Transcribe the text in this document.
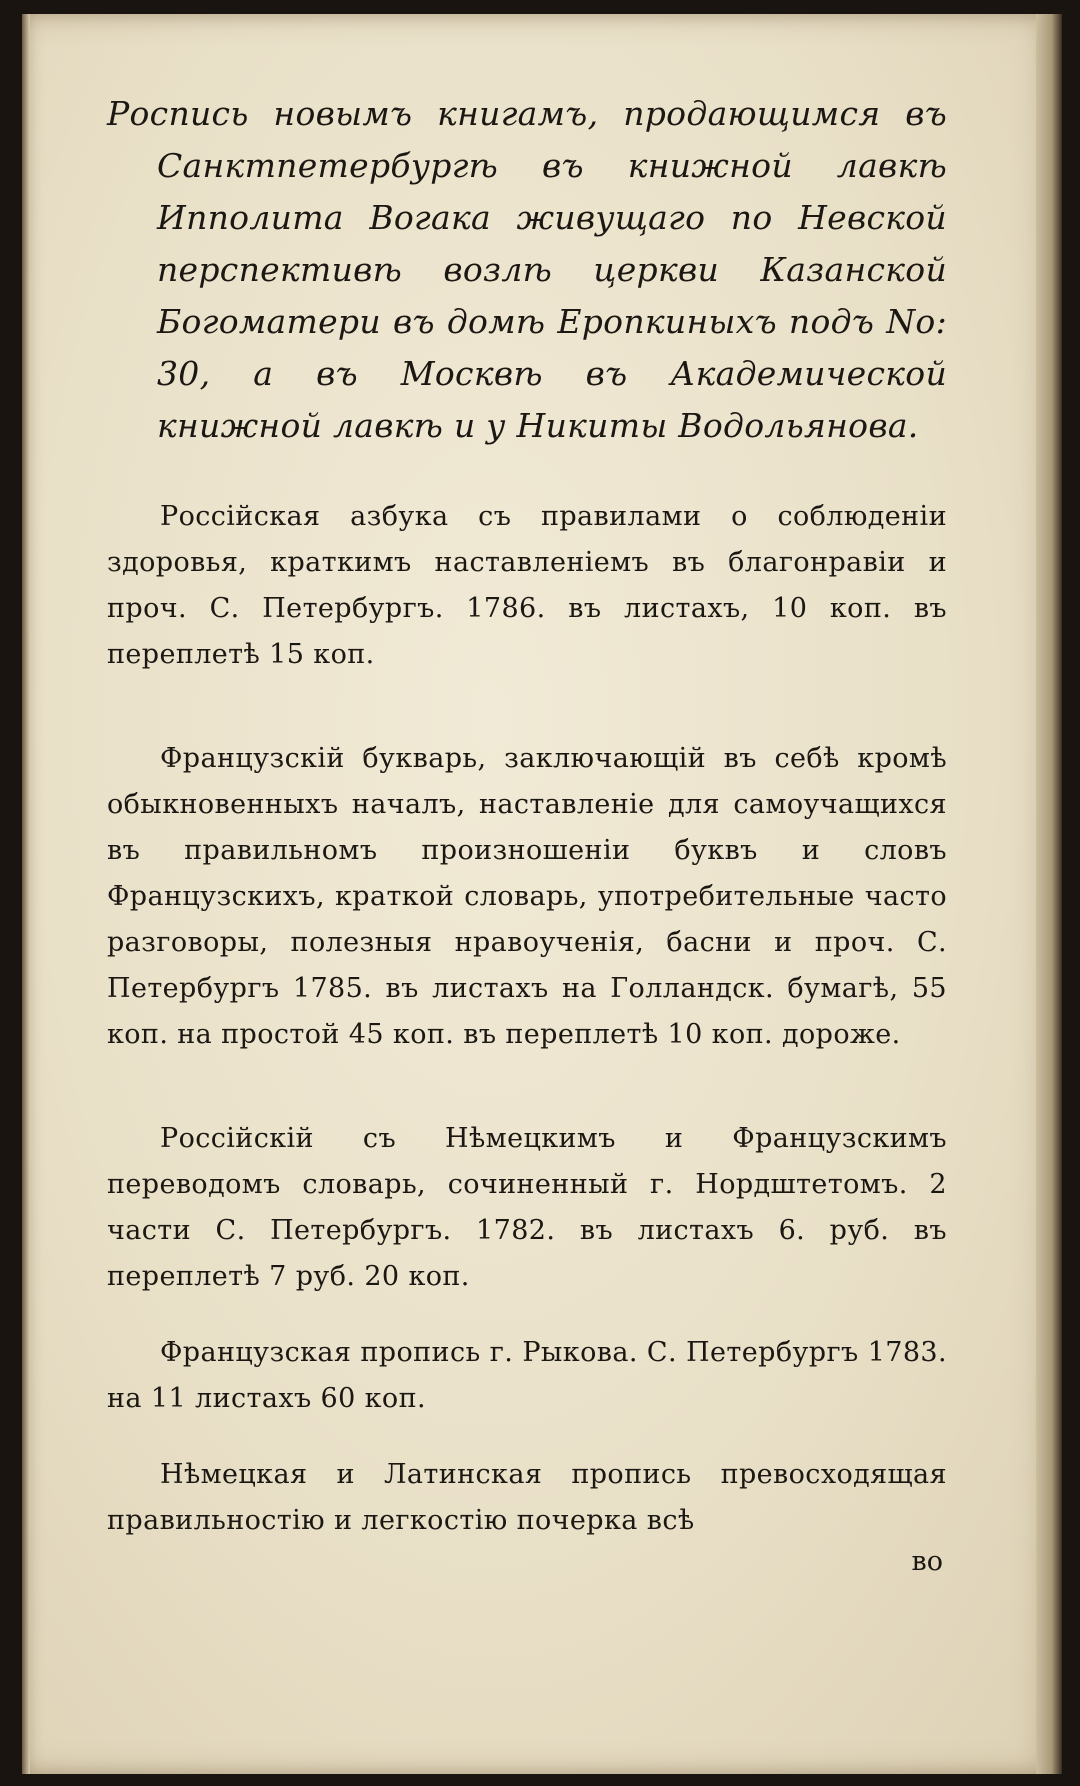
Роспись новымъ книгамъ, продающимся въ Санктпетербургѣ въ книжной лавкѣ Ипполита Вогака живущаго по Невской перспективѣ возлѣ церкви Казанской Богоматери въ домѣ Еропкиныхъ подъ No: 30, а въ Москвѣ въ Академической книжной лавкѣ и у Никиты Водольянова.

Россійская азбука съ правилами о соблюденіи здоровья, краткимъ наставленіемъ въ благонравіи и проч. С. Петербургъ. 1786. въ листахъ, 10 коп. въ переплетѣ 15 коп.

Французскій букварь, заключающій въ себѣ кромѣ обыкновенныхъ началъ, наставленіе для самоучащихся въ правильномъ произношеніи буквъ и словъ Французскихъ, краткой словарь, употребительные часто разговоры, полезныя нравоученія, басни и проч. С. Петербургъ 1785. въ листахъ на Голландск. бумагѣ, 55 коп. на простой 45 коп. въ переплетѣ 10 коп. дороже.

Россійскій съ Нѣмецкимъ и Французскимъ переводомъ словарь, сочиненный г. Нордштетомъ. 2 части С. Петербургъ. 1782. въ листахъ 6. руб. въ переплетѣ 7 руб. 20 коп.

Французская пропись г. Рыкова. С. Петербургъ 1783. на 11 листахъ 60 коп.

Нѣмецкая и Латинская пропись превосходящая правильностію и легкостію почерка всѣ

во
